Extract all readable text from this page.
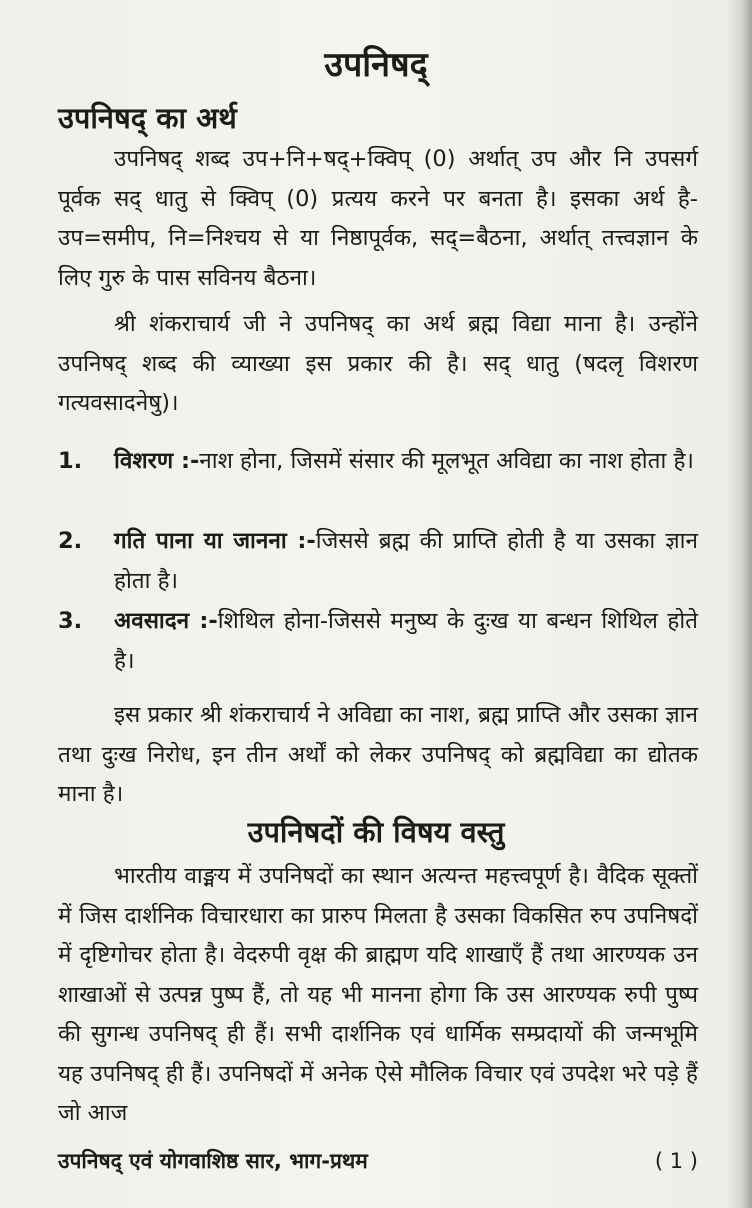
उपनिषद्
उपनिषद् का अर्थ
उपनिषद् शब्द उप+नि+षद्+क्विप् (0) अर्थात् उप और नि उपसर्ग पूर्वक सद् धातु से क्विप् (0) प्रत्यय करने पर बनता है। इसका अर्थ है-उप=समीप, नि=निश्चय से या निष्ठापूर्वक, सद्=बैठना, अर्थात् तत्त्वज्ञान के लिए गुरु के पास सविनय बैठना।
श्री शंकराचार्य जी ने उपनिषद् का अर्थ ब्रह्म विद्या माना है। उन्होंने उपनिषद् शब्द की व्याख्या इस प्रकार की है। सद् धातु (षदलृ विशरण गत्यवसादनेषु)।
1.	विशरण :-नाश होना, जिसमें संसार की मूलभूत अविद्या का नाश होता है।
2.	गति पाना या जानना :-जिससे ब्रह्म की प्राप्ति होती है या उसका ज्ञान होता है।
3.	अवसादन :-शिथिल होना-जिससे मनुष्य के दुःख या बन्धन शिथिल होते है।
इस प्रकार श्री शंकराचार्य ने अविद्या का नाश, ब्रह्म प्राप्ति और उसका ज्ञान तथा दुःख निरोध, इन तीन अर्थों को लेकर उपनिषद् को ब्रह्मविद्या का द्योतक माना है।
उपनिषदों की विषय वस्तु
भारतीय वाङ्मय में उपनिषदों का स्थान अत्यन्त महत्त्वपूर्ण है। वैदिक सूक्तों में जिस दार्शनिक विचारधारा का प्रारुप मिलता है उसका विकसित रुप उपनिषदों में दृष्टिगोचर होता है। वेदरुपी वृक्ष की ब्राह्मण यदि शाखाएँ हैं तथा आरण्यक उन शाखाओं से उत्पन्न पुष्प हैं, तो यह भी मानना होगा कि उस आरण्यक रुपी पुष्प की सुगन्ध उपनिषद् ही हैं। सभी दार्शनिक एवं धार्मिक सम्प्रदायों की जन्मभूमि यह उपनिषद् ही हैं। उपनिषदों में अनेक ऐसे मौलिक विचार एवं उपदेश भरे पड़े हैं जो आज
उपनिषद् एवं योगवाशिष्ठ सार, भाग-प्रथम	( 1 )
